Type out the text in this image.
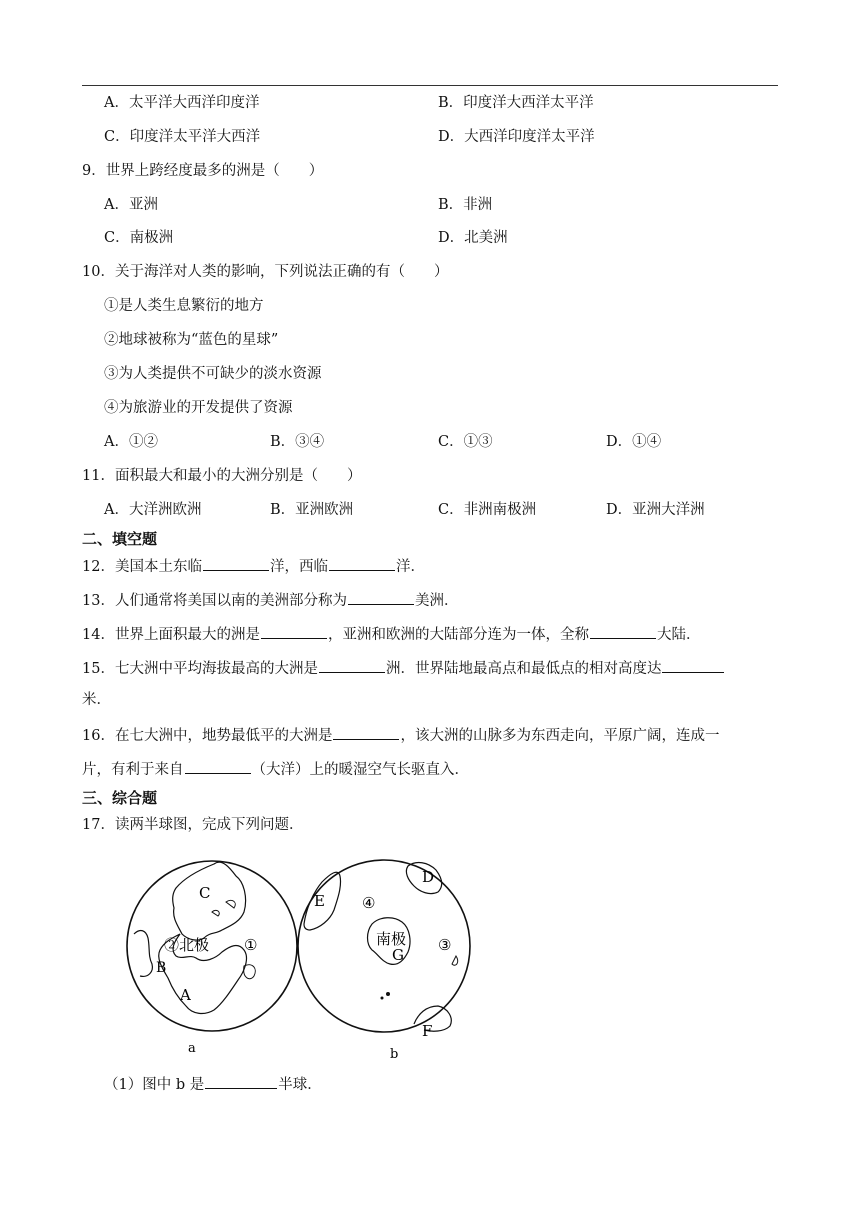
A．太平洋大西洋印度洋	B．印度洋大西洋太平洋
C．印度洋太平洋大西洋	D．大西洋印度洋太平洋
9．世界上跨经度最多的洲是（　　）
A．亚洲	B．非洲
C．南极洲	D．北美洲
10．关于海洋对人类的影响，下列说法正确的有（　　）
①是人类生息繁衍的地方
②地球被称为“蓝色的星球”
③为人类提供不可缺少的淡水资源
④为旅游业的开发提供了资源
A．①②	B．③④	C．①③	D．①④
11．面积最大和最小的大洲分别是（　　）
A．大洋洲欧洲	B．亚洲欧洲	C．非洲南极洲	D．亚洲大洋洲
二、填空题
12．美国本土东临	洋，西临	洋．
13．人们通常将美国以南的美洲部分称为	美洲．
14．世界上面积最大的洲是	，亚洲和欧洲的大陆部分连为一体，全称	大陆．
15．七大洲中平均海拔最高的大洲是	洲．世界陆地最高点和最低点的相对高度达
米．
16．在七大洲中，地势最低平的大洲是	，该大洲的山脉多为东西走向，平原广阔，连成一
片，有利于来自	（大洋）上的暖湿空气长驱直入．
三、综合题
17．读两半球图，完成下列问题．
C
B
A
②北极 ①
a
D
E ④
南极
G
③
F
b
（1）图中 b 是	半球．
